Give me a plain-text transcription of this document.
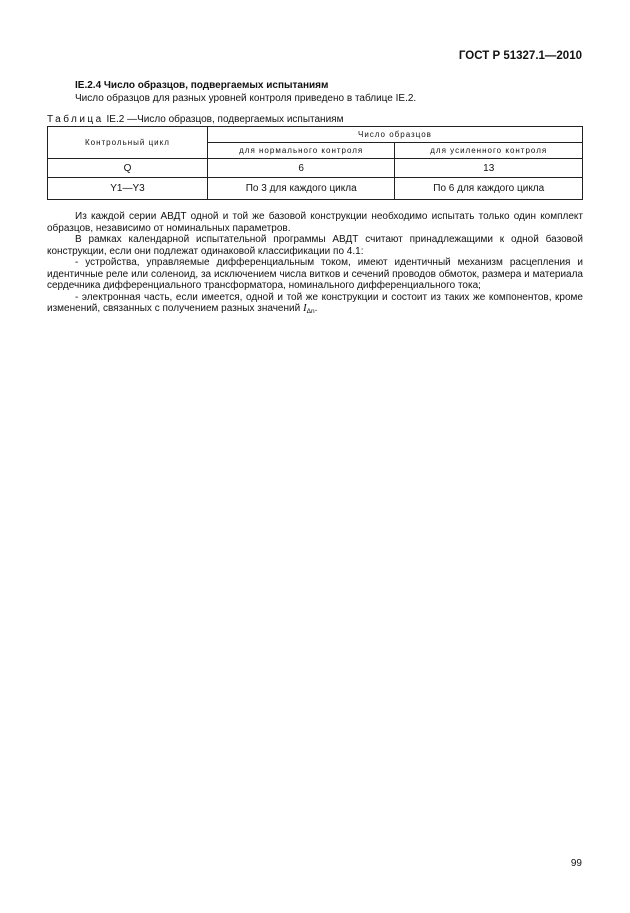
ГОСТ Р 51327.1—2010
IE.2.4 Число образцов, подвергаемых испытаниям
Число образцов для разных уровней контроля приведено в таблице IE.2.
Таблица IE.2 —Число образцов, подвергаемых испытаниям
Контрольный цикл	Число образцов	
	для нормального контроля	для усиленного контроля
Q	6	13
Y1—Y3	По 3 для каждого цикла	По 6 для каждого цикла

Из каждой серии АВДТ одной и той же базовой конструкции необходимо испытать только один комплект образцов, независимо от номинальных параметров.

В рамках календарной испытательной программы АВДТ считают принадлежащими к одной базовой конструкции, если они подлежат одинаковой классификации по 4.1:

- устройства, управляемые дифференциальным током, имеют идентичный механизм расцепления и идентичные реле или соленоид, за исключением числа витков и сечений проводов обмоток, размера и материала сердечника дифференциального трансформатора, номинального дифференциального тока;

- электронная часть, если имеется, одной и той же конструкции и состоит из таких же компонентов, кроме изменений, связанных с получением разных значений $I_{\Delta n}$.

99
